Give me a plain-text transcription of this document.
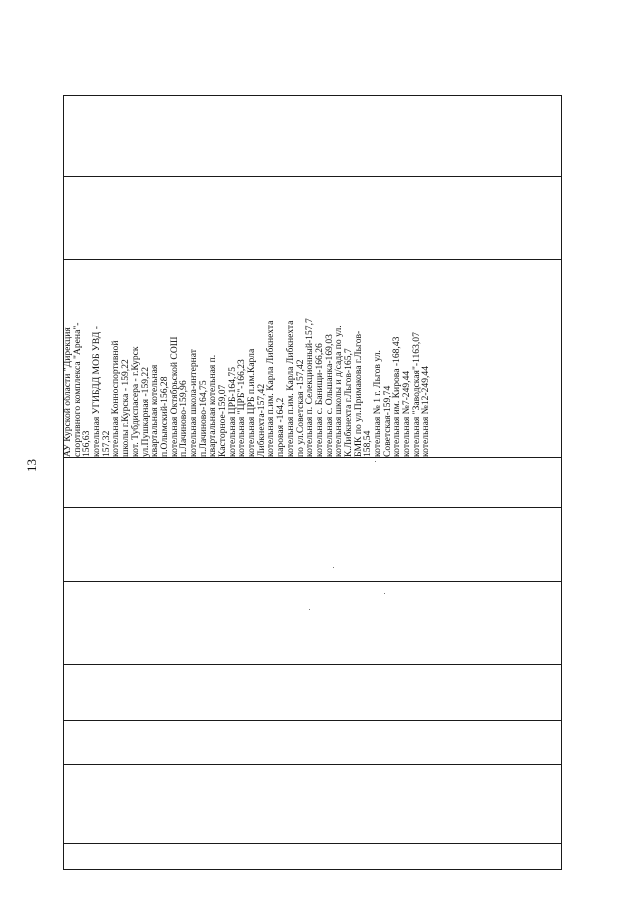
13
АУ Курской области "Дирекция
спортивного комплекса "Арена"-
156,63
котельная УГИБДД МОБ УВД -
157,32
котельная Конноспортивной
школы г.Курска - 159,22
кот. Тубдиспасера - г.Курск
ул.Пушкарная -159,22
квартальная котельная
п.Олымский-156,28
котельная Октябрьской СОШ
п.Лачиново-159,96
котельная школа-интернат
п.Лачиново-164,75
квартальная котельная п.
Касторное-159,07
котельная ЦРБ-164,75
котельная "ЦРБ"-166,23
котельная ЦРБ п.им.Карла
Либкнехта-157,42
котельная п.им. Карла Либкнехта
паровая -164,2
котельная п.им. Карла Либкнехта
по ул.Советская -157,42
котельная п. Селекционный-157,7
котельная с. Банищи-166,26
котельная с. Ольшанка-169,03
котельная школы и д/сада по ул.
К.Либкнехта г.Льгов-165,7
БМК по ул.Примакова г.Льгов-
158,54
котельная № 1 г. Льгов ул.
Советская-159,74
котельная им. Кирова -168,43
котельная №7-249,44
котельная "Заводская"-1163,07
котельная №12-249,44
